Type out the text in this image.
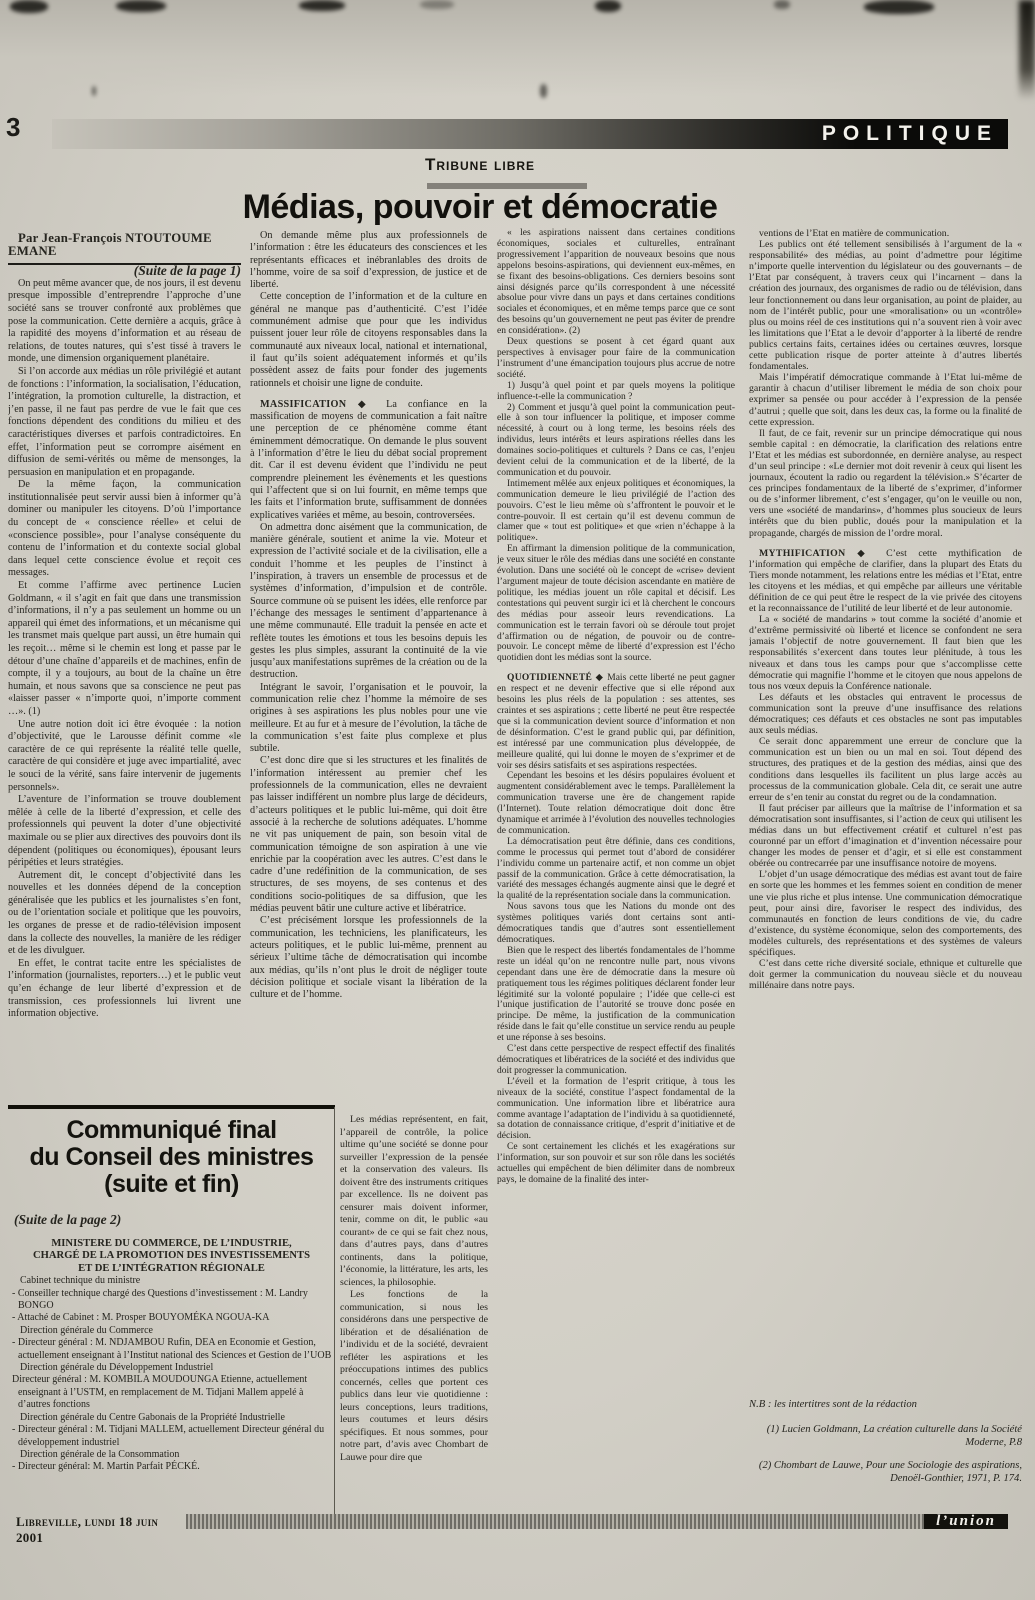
3	POLITIQUE
Tribune libre
Médias, pouvoir et démocratie

Par Jean-François NTOUTOUME EMANE

(Suite de la page 1)

On peut même avancer que, de nos jours, il est devenu presque impossible d’entreprendre l’approche d’une société sans se trouver confronté aux problèmes que pose la communication. Cette dernière a acquis, grâce à la rapidité des moyens d’information et au réseau de relations, de toutes natures, qui s’est tissé à travers le monde, une dimension organiquement planétaire.

Si l’on accorde aux médias un rôle privilégié et autant de fonctions : l’information, la socialisation, l’éducation, l’intégration, la promotion culturelle, la distraction, et j’en passe, il ne faut pas perdre de vue le fait que ces fonctions dépendent des conditions du milieu et des caractéristiques diverses et parfois contradictoires. En effet, l’information peut se corrompre aisément en diffusion de semi-vérités ou même de mensonges, la persuasion en manipulation et en propagande.

De la même façon, la communication institutionnalisée peut servir aussi bien à informer qu’à dominer ou manipuler les citoyens. D’où l’importance du concept de « conscience réelle» et celui de «conscience possible», pour l’analyse conséquente du contenu de l’information et du contexte social global dans lequel cette conscience évolue et reçoit ces messages.

Et comme l’affirme avec pertinence Lucien Goldmann, « il s’agit en fait que dans une transmission d’informations, il n’y a pas seulement un homme ou un appareil qui émet des informations, et un mécanisme qui les transmet mais quelque part aussi, un être humain qui les reçoit… même si le chemin est long et passe par le détour d’une chaîne d’appareils et de machines, enfin de compte, il y a toujours, au bout de la chaîne un être humain, et nous savons que sa conscience ne peut pas «laisser passer « n’importe quoi, n’importe comment …». (1)

Une autre notion doit ici être évoquée : la notion d’objectivité, que le Larousse définit comme «le caractère de ce qui représente la réalité telle quelle, caractère de qui considère et juge avec impartialité, avec le souci de la vérité, sans faire intervenir de jugements personnels».

L’aventure de l’information se trouve doublement mêlée à celle de la liberté d’expression, et celle des professionnels qui peuvent la doter d’une objectivité maximale ou se plier aux directives des pouvoirs dont ils dépendent (politiques ou économiques), épousant leurs péripéties et leurs stratégies.

Autrement dit, le concept d’objectivité dans les nouvelles et les données dépend de la conception généralisée que les publics et les journalistes s’en font, ou de l’orientation sociale et politique que les pouvoirs, les organes de presse et de radio-télévision imposent dans la collecte des nouvelles, la manière de les rédiger et de les divulguer.

En effet, le contrat tacite entre les spécialistes de l’information (journalistes, reporters…) et le public veut qu’en échange de leur liberté d’expression et de transmission, ces professionnels lui livrent une information objective.

On demande même plus aux professionnels de l’information : être les éducateurs des consciences et les représentants efficaces et inébranlables des droits de l’homme, voire de sa soif d’expression, de justice et de liberté.

Cette conception de l’information et de la culture en général ne manque pas d’authenticité. C’est l’idée communément admise que pour que les individus puissent jouer leur rôle de citoyens responsables dans la communauté aux niveaux local, national et international, il faut qu’ils soient adéquatement informés et qu’ils possèdent assez de faits pour fonder des jugements rationnels et choisir une ligne de conduite.

MASSIFICATION ◆ La confiance en la massification de moyens de communication a fait naître une perception de ce phénomène comme étant éminemment démocratique. On demande le plus souvent à l’information d’être le lieu du débat social proprement dit. Car il est devenu évident que l’individu ne peut comprendre pleinement les évènements et les questions qui l’affectent que si on lui fournit, en même temps que les faits et l’information brute, suffisamment de données explicatives variées et même, au besoin, controversées.

On admettra donc aisément que la communication, de manière générale, soutient et anime la vie. Moteur et expression de l’activité sociale et de la civilisation, elle a conduit l’homme et les peuples de l’instinct à l’inspiration, à travers un ensemble de processus et de systèmes d’information, d’impulsion et de contrôle. Source commune où se puisent les idées, elle renforce par l’échange des messages le sentiment d’appartenance à une même communauté. Elle traduit la pensée en acte et reflète toutes les émotions et tous les besoins depuis les gestes les plus simples, assurant la continuité de la vie jusqu’aux manifestations suprêmes de la création ou de la destruction.

Intégrant le savoir, l’organisation et le pouvoir, la communication relie chez l’homme la mémoire de ses origines à ses aspirations les plus nobles pour une vie meilleure. Et au fur et à mesure de l’évolution, la tâche de la communication s’est faite plus complexe et plus subtile.

C’est donc dire que si les structures et les finalités de l’information intéressent au premier chef les professionnels de la communication, elles ne devraient pas laisser indifférent un nombre plus large de décideurs, d’acteurs politiques et le public lui-même, qui doit être associé à la recherche de solutions adéquates. L’homme ne vit pas uniquement de pain, son besoin vital de communication témoigne de son aspiration à une vie enrichie par la coopération avec les autres. C’est dans le cadre d’une redéfinition de la communication, de ses structures, de ses moyens, de ses contenus et des conditions socio-politiques de sa diffusion, que les médias peuvent bâtir une culture active et libératrice.

C’est précisément lorsque les professionnels de la communication, les techniciens, les planificateurs, les acteurs politiques, et le public lui-même, prennent au sérieux l’ultime tâche de démocratisation qui incombe aux médias, qu’ils n’ont plus le droit de négliger toute décision politique et sociale visant la libération de la culture et de l’homme.

Les médias représentent, en fait, l’appareil de contrôle, la police ultime qu’une société se donne pour surveiller l’expression de la pensée et la conservation des valeurs. Ils doivent être des instruments critiques par excellence. Ils ne doivent pas censurer mais doivent informer, tenir, comme on dit, le public «au courant» de ce qui se fait chez nous, dans d’autres pays, dans d’autres continents, dans la politique, l’économie, la littérature, les arts, les sciences, la philosophie.

Les fonctions de la communication, si nous les considérons dans une perspective de libération et de désaliénation de l’individu et de la société, devraient refléter les aspirations et les préoccupations intimes des publics concernés, celles que portent ces publics dans leur vie quotidienne : leurs conceptions, leurs traditions, leurs coutumes et leurs désirs spécifiques. Et nous sommes, pour notre part, d’avis avec Chombart de Lauwe pour dire que

« les aspirations naissent dans certaines conditions économiques, sociales et culturelles, entraînant progressivement l’apparition de nouveaux besoins que nous appelons besoins-aspirations, qui deviennent eux-mêmes, en se fixant des besoins-obligations. Ces derniers besoins sont ainsi désignés parce qu’ils correspondent à une nécessité absolue pour vivre dans un pays et dans certaines conditions sociales et économiques, et en même temps parce que ce sont des besoins qu’un gouvernement ne peut pas éviter de prendre en considération». (2)

Deux questions se posent à cet égard quant aux perspectives à envisager pour faire de la communication l’instrument d’une émancipation toujours plus accrue de notre société.

1) Jusqu’à quel point et par quels moyens la politique influence-t-elle la communication ?

2) Comment et jusqu’à quel point la communication peut-elle à son tour influencer la politique, et imposer comme nécessité, à court ou à long terme, les besoins réels des individus, leurs intérêts et leurs aspirations réelles dans les domaines socio-politiques et culturels ? Dans ce cas, l’enjeu devient celui de la communication et de la liberté, de la communication et du pouvoir.

Intimement mêlée aux enjeux politiques et économiques, la communication demeure le lieu privilégié de l’action des pouvoirs. C’est le lieu même où s’affrontent le pouvoir et le contre-pouvoir. Il est certain qu’il est devenu commun de clamer que « tout est politique» et que «rien n’échappe à la politique».

En affirmant la dimension politique de la communication, je veux situer le rôle des médias dans une société en constante évolution. Dans une société où le concept de «crise» devient l’argument majeur de toute décision ascendante en matière de politique, les médias jouent un rôle capital et décisif. Les contestations qui peuvent surgir ici et là cherchent le concours des médias pour asseoir leurs revendications. La communication est le terrain favori où se déroule tout projet d’affirmation ou de négation, de pouvoir ou de contre-pouvoir. Le concept même de liberté d’expression est l’écho quotidien dont les médias sont la source.

QUOTIDIENNETÉ ◆ Mais cette liberté ne peut gagner en respect et ne devenir effective que si elle répond aux besoins les plus réels de la population : ses attentes, ses craintes et ses aspirations ; cette liberté ne peut être respectée que si la communication devient source d’information et non de désinformation. C’est le grand public qui, par définition, est intéressé par une communication plus développée, de meilleure qualité, qui lui donne le moyen de s’exprimer et de voir ses désirs satisfaits et ses aspirations respectées.

Cependant les besoins et les désirs populaires évoluent et augmentent considérablement avec le temps. Parallèlement la communication traverse une ère de changement rapide (l’Internet). Toute relation démocratique doit donc être dynamique et arrimée à l’évolution des nouvelles technologies de communication.

La démocratisation peut être définie, dans ces conditions, comme le processus qui permet tout d’abord de considérer l’individu comme un partenaire actif, et non comme un objet passif de la communication. Grâce à cette démocratisation, la variété des messages échangés augmente ainsi que le degré et la qualité de la représentation sociale dans la communication.

Nous savons tous que les Nations du monde ont des systèmes politiques variés dont certains sont anti-démocratiques tandis que d’autres sont essentiellement démocratiques.

Bien que le respect des libertés fondamentales de l’homme reste un idéal qu’on ne rencontre nulle part, nous vivons cependant dans une ère de démocratie dans la mesure où pratiquement tous les régimes politiques déclarent fonder leur légitimité sur la volonté populaire ; l’idée que celle-ci est l’unique justification de l’autorité se trouve donc posée en principe. De même, la justification de la communication réside dans le fait qu’elle constitue un service rendu au peuple et une réponse à ses besoins.

C’est dans cette perspective de respect effectif des finalités démocratiques et libératrices de la société et des individus que doit progresser la communication.

L’éveil et la formation de l’esprit critique, à tous les niveaux de la société, constitue l’aspect fondamental de la communication. Une information libre et libératrice aura comme avantage l’adaptation de l’individu à sa quotidienneté, sa dotation de connaissance critique, d’esprit d’initiative et de décision.

Ce sont certainement les clichés et les exagérations sur l’information, sur son pouvoir et sur son rôle dans les sociétés actuelles qui empêchent de bien délimiter dans de nombreux pays, le domaine de la finalité des inter-

ventions de l’Etat en matière de communication.

Les publics ont été tellement sensibilisés à l’argument de la « responsabilité» des médias, au point d’admettre pour légitime n’importe quelle intervention du législateur ou des gouvernants – de l’Etat par conséquent, à travers ceux qui l’incarnent – dans la création des journaux, des organismes de radio ou de télévision, dans leur fonctionnement ou dans leur organisation, au point de plaider, au nom de l’intérêt public, pour une «moralisation» ou un «contrôle» plus ou moins réel de ces institutions qui n’a souvent rien à voir avec les limitations que l’Etat a le devoir d’apporter à la liberté de rendre publics certains faits, certaines idées ou certaines œuvres, lorsque cette publication risque de porter atteinte à d’autres libertés fondamentales.

Mais l’impératif démocratique commande à l’Etat lui-même de garantir à chacun d’utiliser librement le média de son choix pour exprimer sa pensée ou pour accéder à l’expression de la pensée d’autrui ; quelle que soit, dans les deux cas, la forme ou la finalité de cette expression.

Il faut, de ce fait, revenir sur un principe démocratique qui nous semble capital : en démocratie, la clarification des relations entre l’Etat et les médias est subordonnée, en dernière analyse, au respect d’un seul principe : «Le dernier mot doit revenir à ceux qui lisent les journaux, écoutent la radio ou regardent la télévision.» S’écarter de ces principes fondamentaux de la liberté de s’exprimer, d’informer ou de s’informer librement, c’est s’engager, qu’on le veuille ou non, vers une «société de mandarins», d’hommes plus soucieux de leurs intérêts que du bien public, doués pour la manipulation et la propagande, chargés de mission de l’ordre moral.

MYTHIFICATION ◆ C’est cette mythification de l’information qui empêche de clarifier, dans la plupart des Etats du Tiers monde notamment, les relations entre les médias et l’Etat, entre les citoyens et les médias, et qui empêche par ailleurs une véritable définition de ce qui peut être le respect de la vie privée des citoyens et la reconnaissance de l’utilité de leur liberté et de leur autonomie.

La « société de mandarins » tout comme la société d’anomie et d’extrême permissivité où liberté et licence se confondent ne sera jamais l’objectif de notre gouvernement. Il faut bien que les responsabilités s’exercent dans toutes leur plénitude, à tous les niveaux et dans tous les camps pour que s’accomplisse cette démocratie qui magnifie l’homme et le citoyen que nous appelons de tous nos vœux depuis la Conférence nationale.

Les défauts et les obstacles qui entravent le processus de communication sont la preuve d’une insuffisance des relations démocratiques; ces défauts et ces obstacles ne sont pas imputables aux seuls médias.

Ce serait donc apparemment une erreur de conclure que la communication est un bien ou un mal en soi. Tout dépend des structures, des pratiques et de la gestion des médias, ainsi que des conditions dans lesquelles ils facilitent un plus large accès au processus de la communication globale. Cela dit, ce serait une autre erreur de s’en tenir au constat du regret ou de la condamnation.

Il faut préciser par ailleurs que la maîtrise de l’information et sa démocratisation sont insuffisantes, si l’action de ceux qui utilisent les médias dans un but effectivement créatif et culturel n’est pas couronné par un effort d’imagination et d’invention nécessaire pour changer les modes de penser et d’agir, et si elle est constamment obérée ou contrecarrée par une insuffisance notoire de moyens.

L’objet d’un usage démocratique des médias est avant tout de faire en sorte que les hommes et les femmes soient en condition de mener une vie plus riche et plus intense. Une communication démocratique peut, pour ainsi dire, favoriser le respect des individus, des communautés en fonction de leurs conditions de vie, du cadre d’existence, du système économique, selon des comportements, des modèles culturels, des représentations et des systèmes de valeurs spécifiques.

C’est dans cette riche diversité sociale, ethnique et culturelle que doit germer la communication du nouveau siècle et du nouveau millénaire dans notre pays.

N.B : les intertitres sont de la rédaction

(1) Lucien Goldmann, La création culturelle dans la Société Moderne, P.8

(2) Chombart de Lauwe, Pour une Sociologie des aspirations, Denoël-Gonthier, 1971, P. 174.

Communiqué final
du Conseil des ministres
(suite et fin)

(Suite de la page 2)

MINISTERE DU COMMERCE, DE L’INDUSTRIE,

CHARGÉ DE LA PROMOTION DES INVESTISSEMENTS

ET DE L’INTÉGRATION RÉGIONALE

Cabinet technique du ministre

- Conseiller technique chargé des Questions d’investissement : M. Landry BONGO

- Attaché de Cabinet : M. Prosper BOUYOMÉKA NGOUA-KA

Direction générale du Commerce

- Directeur général : M. NDJAMBOU Rufin, DEA en Economie et Gestion, actuellement enseignant à l’Institut national des Sciences et Gestion de l’UOB

Direction générale du Développement Industriel

Directeur général : M. KOMBILA MOUDOUNGA Etienne, actuellement enseignant à l’USTM, en remplacement de M. Tidjani Mallem appelé à d’autres fonctions

Direction générale du Centre Gabonais de la Propriété Industrielle

- Directeur général : M. Tidjani MALLEM, actuellement Directeur général du développement industriel

Direction générale de la Consommation

- Directeur général: M. Martin Parfait PÉCKÉ.

Libreville, lundi 18 juin 2001
l’union
